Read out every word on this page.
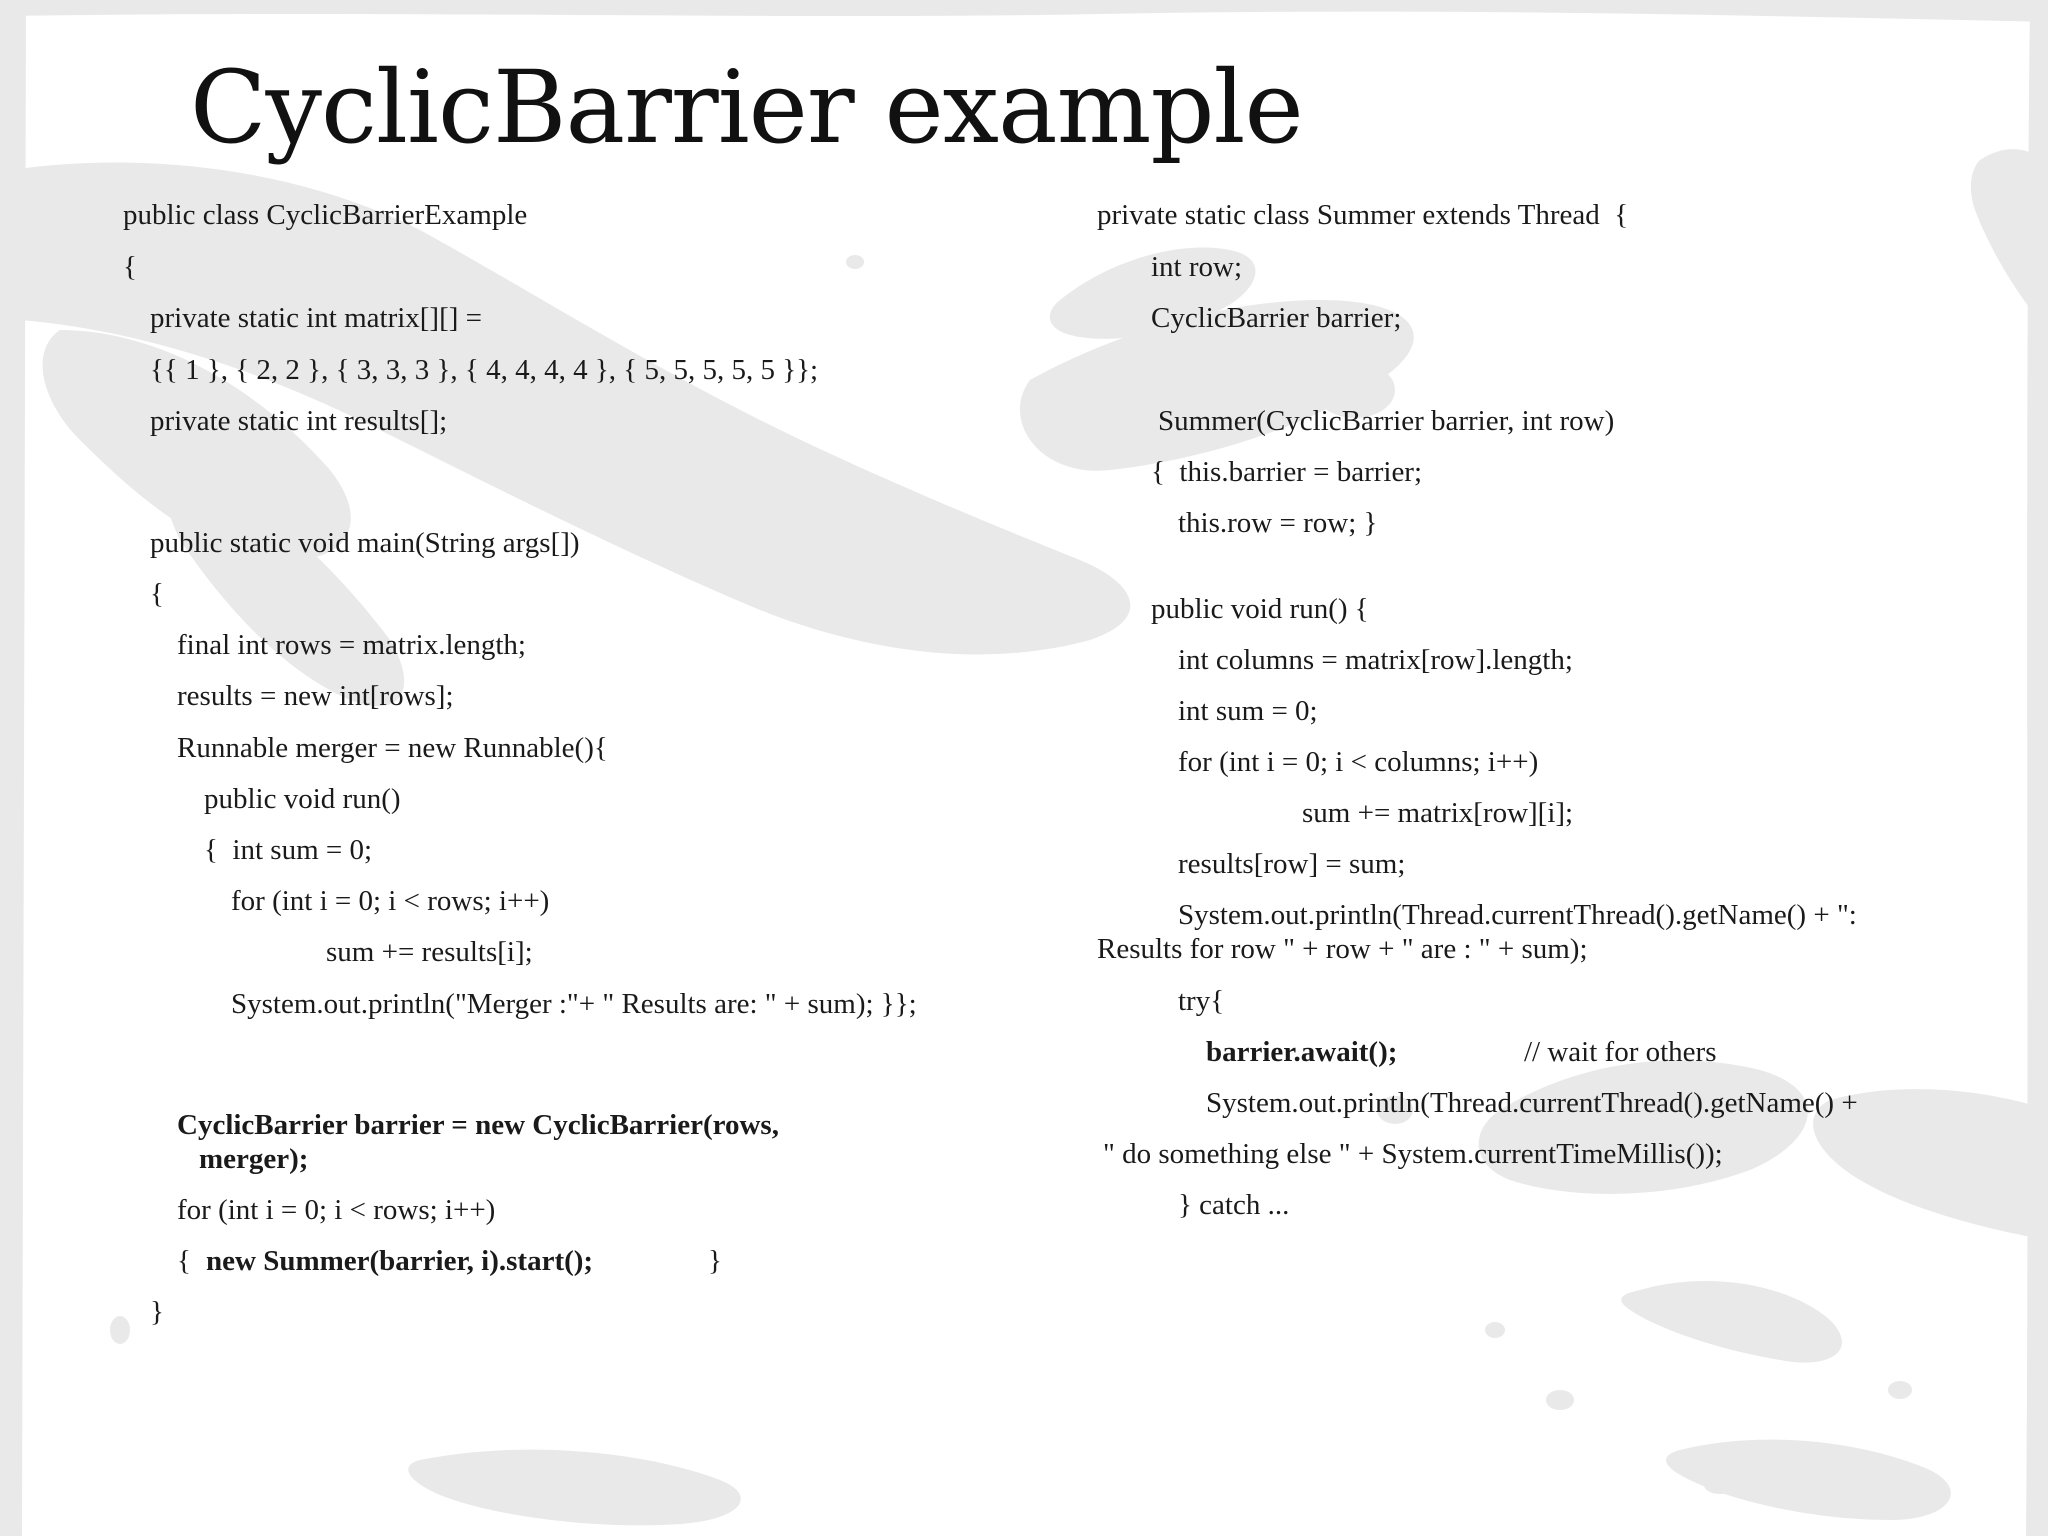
CyclicBarrier example
public class CyclicBarrierExample
{
private static int matrix[][] =
{{ 1 }, { 2, 2 }, { 3, 3, 3 }, { 4, 4, 4, 4 }, { 5, 5, 5, 5, 5 }};
private static int results[];
public static void main(String args[])
{
final int rows = matrix.length;
results = new int[rows];
Runnable merger = new Runnable(){
public void run()
{  int sum = 0;
for (int i = 0; i < rows; i++)
sum += results[i];
System.out.println("Merger :"+ " Results are: " + sum); }};
CyclicBarrier barrier = new CyclicBarrier(rows,
merger);
for (int i = 0; i < rows; i++)
{ new Summer(barrier, i).start();	}
}
private static class Summer extends Thread  {
int row;
CyclicBarrier barrier;
Summer(CyclicBarrier barrier, int row)
{  this.barrier = barrier;
this.row = row; }
public void run() {
int columns = matrix[row].length;
int sum = 0;
for (int i = 0; i < columns; i++)
sum += matrix[row][i];
results[row] = sum;
System.out.println(Thread.currentThread().getName() + ":
Results for row " + row + " are : " + sum);
try{
barrier.await();	// wait for others
System.out.println(Thread.currentThread().getName() +
" do something else " + System.currentTimeMillis());
} catch ...
